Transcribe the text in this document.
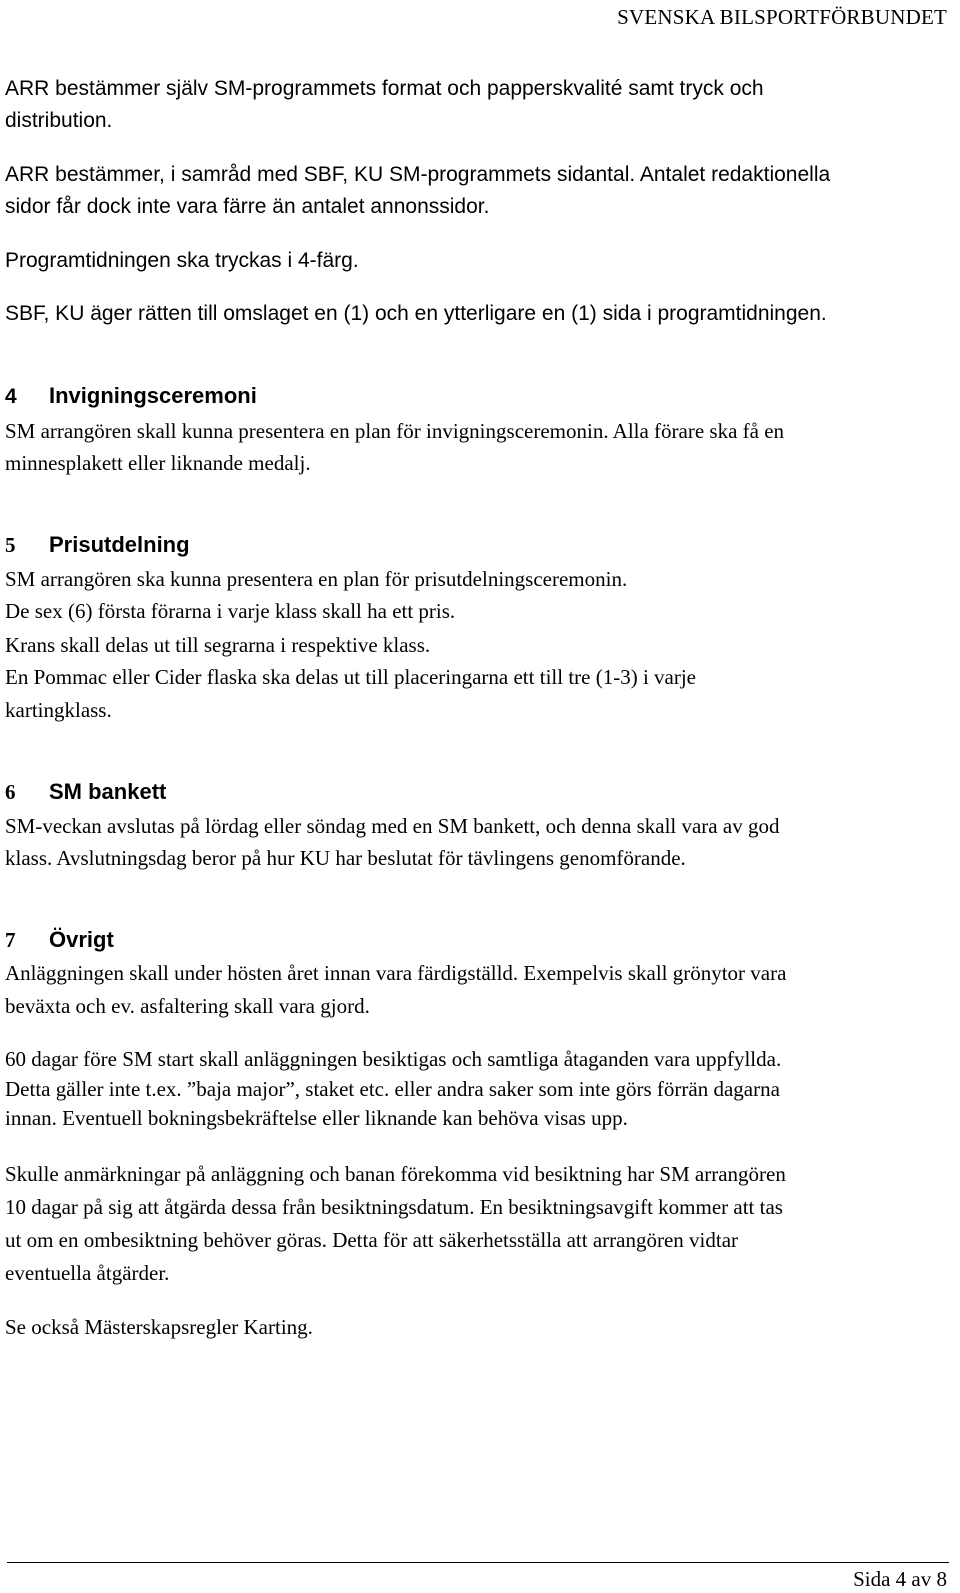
SVENSKA BILSPORTFÖRBUNDET

ARR bestämmer själv SM-programmets format och papperskvalité samt tryck och

distribution.

ARR bestämmer, i samråd med SBF, KU SM-programmets sidantal. Antalet redaktionella

sidor får dock inte vara färre än antalet annonssidor.

Programtidningen ska tryckas i 4-färg.

SBF, KU äger rätten till omslaget en (1) och en ytterligare en (1) sida i programtidningen.

4 Invigningsceremoni

SM arrangören skall kunna presentera en plan för invigningsceremonin. Alla förare ska få en

minnesplakett eller liknande medalj.

5 Prisutdelning

SM arrangören ska kunna presentera en plan för prisutdelningsceremonin.

De sex (6) första förarna i varje klass skall ha ett pris.

Krans skall delas ut till segrarna i respektive klass.

En Pommac eller Cider flaska ska delas ut till placeringarna ett till tre (1-3) i varje

kartingklass.

6 SM bankett

SM-veckan avslutas på lördag eller söndag med en SM bankett, och denna skall vara av god

klass. Avslutningsdag beror på hur KU har beslutat för tävlingens genomförande.

7 Övrigt

Anläggningen skall under hösten året innan vara färdigställd. Exempelvis skall grönytor vara

beväxta och ev. asfaltering skall vara gjord.

60 dagar före SM start skall anläggningen besiktigas och samtliga åtaganden vara uppfyllda.

Detta gäller inte t.ex. ”baja major”, staket etc. eller andra saker som inte görs förrän dagarna

innan. Eventuell bokningsbekräftelse eller liknande kan behöva visas upp.

Skulle anmärkningar på anläggning och banan förekomma vid besiktning har SM arrangören

10 dagar på sig att åtgärda dessa från besiktningsdatum. En besiktningsavgift kommer att tas

ut om en ombesiktning behöver göras. Detta för att säkerhetsställa att arrangören vidtar

eventuella åtgärder.

Se också Mästerskapsregler Karting.

Sida 4 av 8
